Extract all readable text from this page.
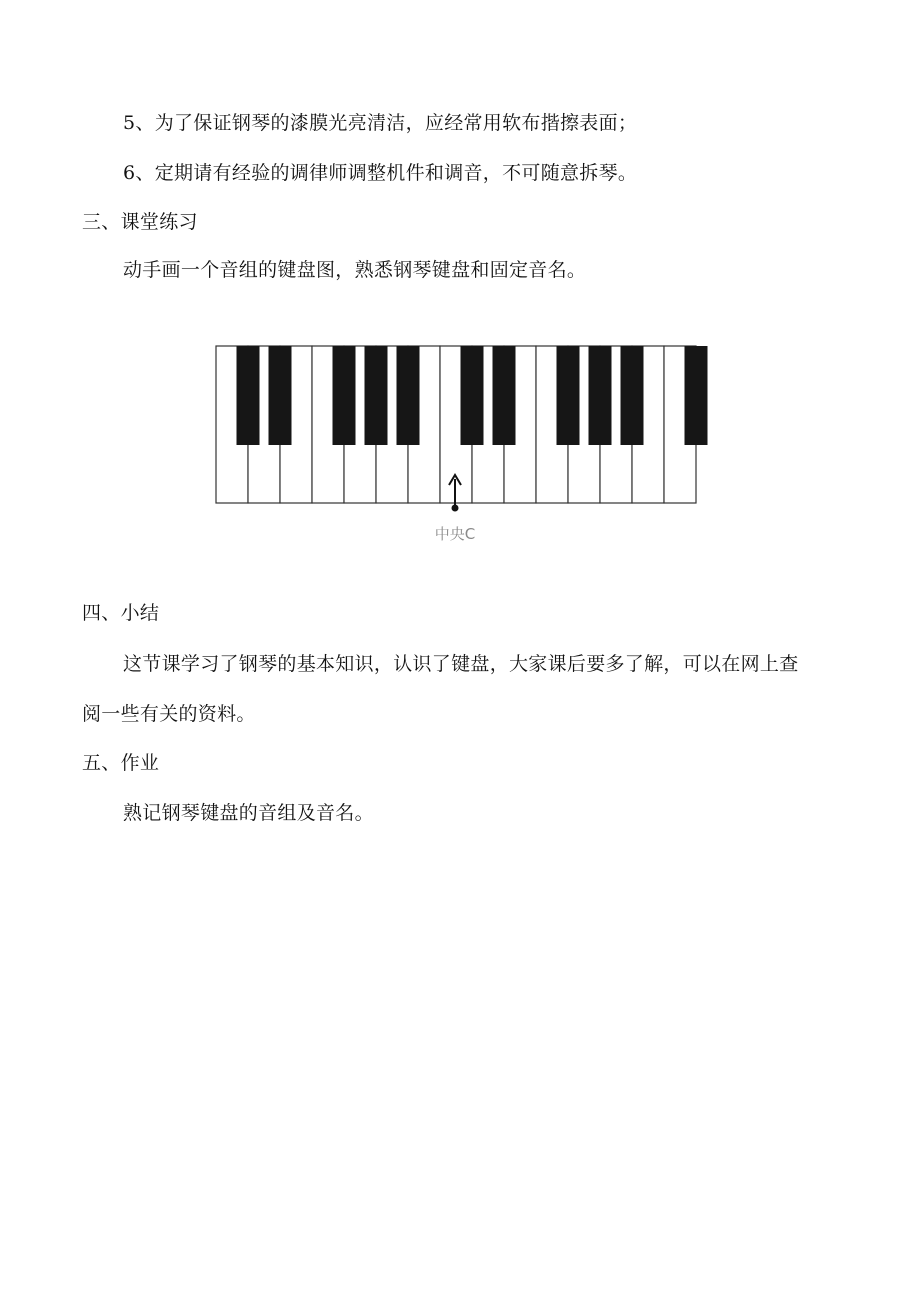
5、为了保证钢琴的漆膜光亮清洁，应经常用软布揩擦表面；
6、定期请有经验的调律师调整机件和调音，不可随意拆琴。
三、课堂练习
动手画一个音组的键盘图，熟悉钢琴键盘和固定音名。
中央C
四、小结
这节课学习了钢琴的基本知识，认识了键盘，大家课后要多了解，可以在网上查
阅一些有关的资料。
五、作业
熟记钢琴键盘的音组及音名。
